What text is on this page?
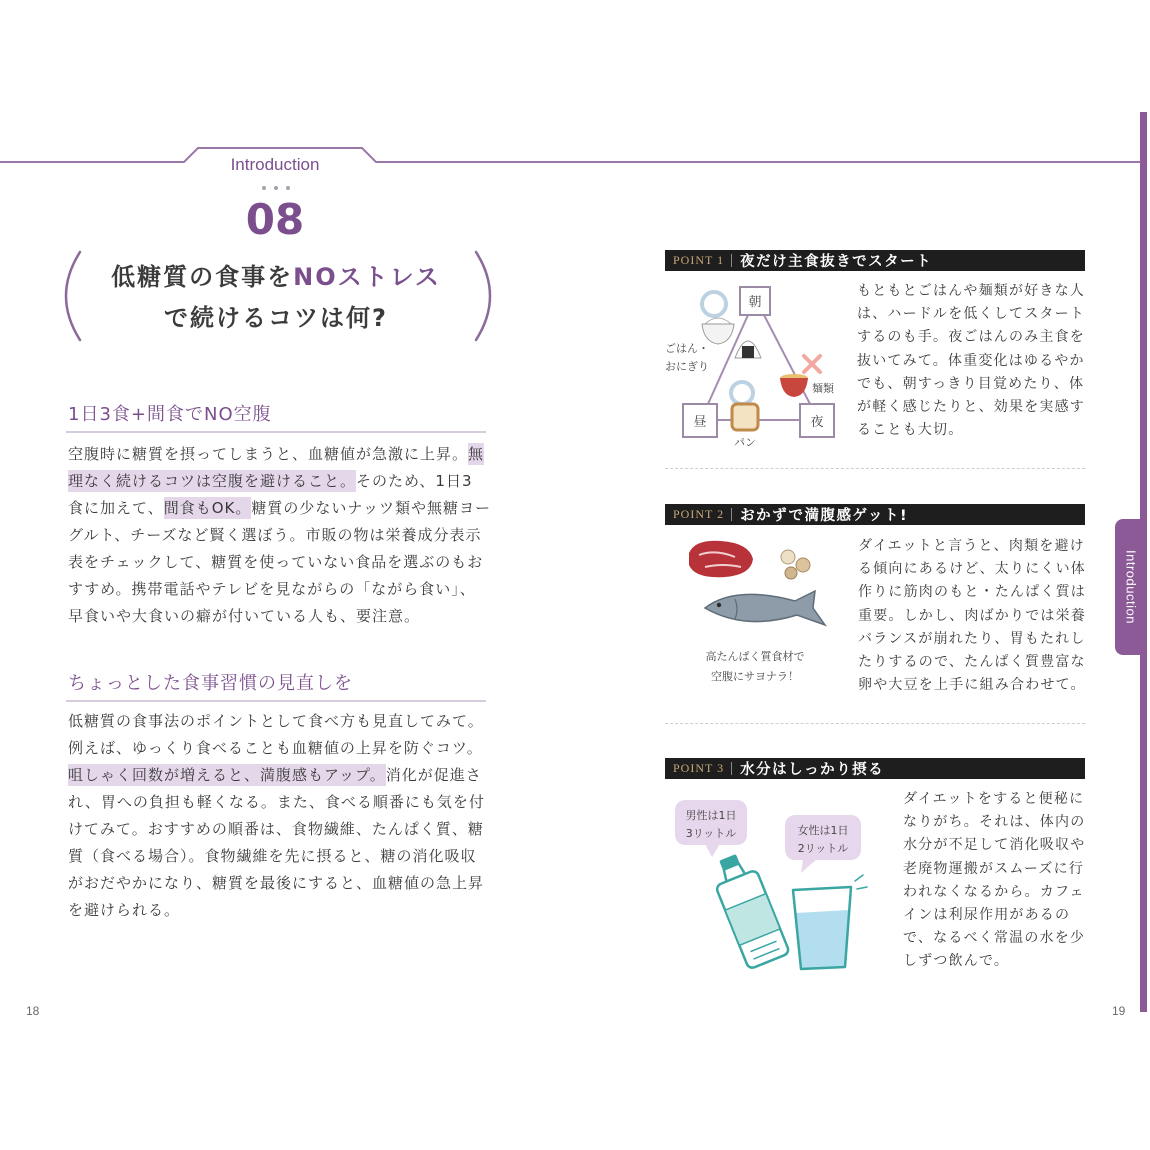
Introduction
Introduction
08
低糖質の食事をNOストレス
で続けるコツは何?
1日3食+間食でNO空腹
空腹時に糖質を摂ってしまうと、血糖値が急激に上昇。無
理なく続けるコツは空腹を避けること。そのため、1日3
食に加えて、間食もOK。糖質の少ないナッツ類や無糖ヨー
グルト、チーズなど賢く選ぼう。市販の物は栄養成分表示
表をチェックして、糖質を使っていない食品を選ぶのもお
すすめ。携帯電話やテレビを見ながらの「ながら食い」、
早食いや大食いの癖が付いている人も、要注意。
ちょっとした食事習慣の見直しを
低糖質の食事法のポイントとして食べ方も見直してみて。
例えば、ゆっくり食べることも血糖値の上昇を防ぐコツ。
咀しゃく回数が増えると、満腹感もアップ。消化が促進さ
れ、胃への負担も軽くなる。また、食べる順番にも気を付
けてみて。おすすめの順番は、食物繊維、たんぱく質、糖
質（食べる場合）。食物繊維を先に摂ると、糖の消化吸収
がおだやかになり、糖質を最後にすると、血糖値の急上昇
を避けられる。
18
POINT 1 夜だけ主食抜きでスタート
ごはん・
おにぎり
朝
麺類
パン
昼	夜
もともとごはんや麺類が好きな人
は、ハードルを低くしてスタート
するのも手。夜ごはんのみ主食を
抜いてみて。体重変化はゆるやか
でも、朝すっきり目覚めたり、体
が軽く感じたりと、効果を実感す
ることも大切。
POINT 2 おかずで満腹感ゲット!
高たんぱく質食材で
空腹にサヨナラ！
ダイエットと言うと、肉類を避け
る傾向にあるけど、太りにくい体
作りに筋肉のもと・たんぱく質は
重要。しかし、肉ばかりでは栄養
バランスが崩れたり、胃もたれし
たりするので、たんぱく質豊富な
卵や大豆を上手に組み合わせて。
POINT 3 水分はしっかり摂る
男性は1日
3リットル	女性は1日
2リットル
ダイエットをすると便秘に
なりがち。それは、体内の
水分が不足して消化吸収や
老廃物運搬がスムーズに行
われなくなるから。カフェ
インは利尿作用があるの
で、なるべく常温の水を少
しずつ飲んで。
19
